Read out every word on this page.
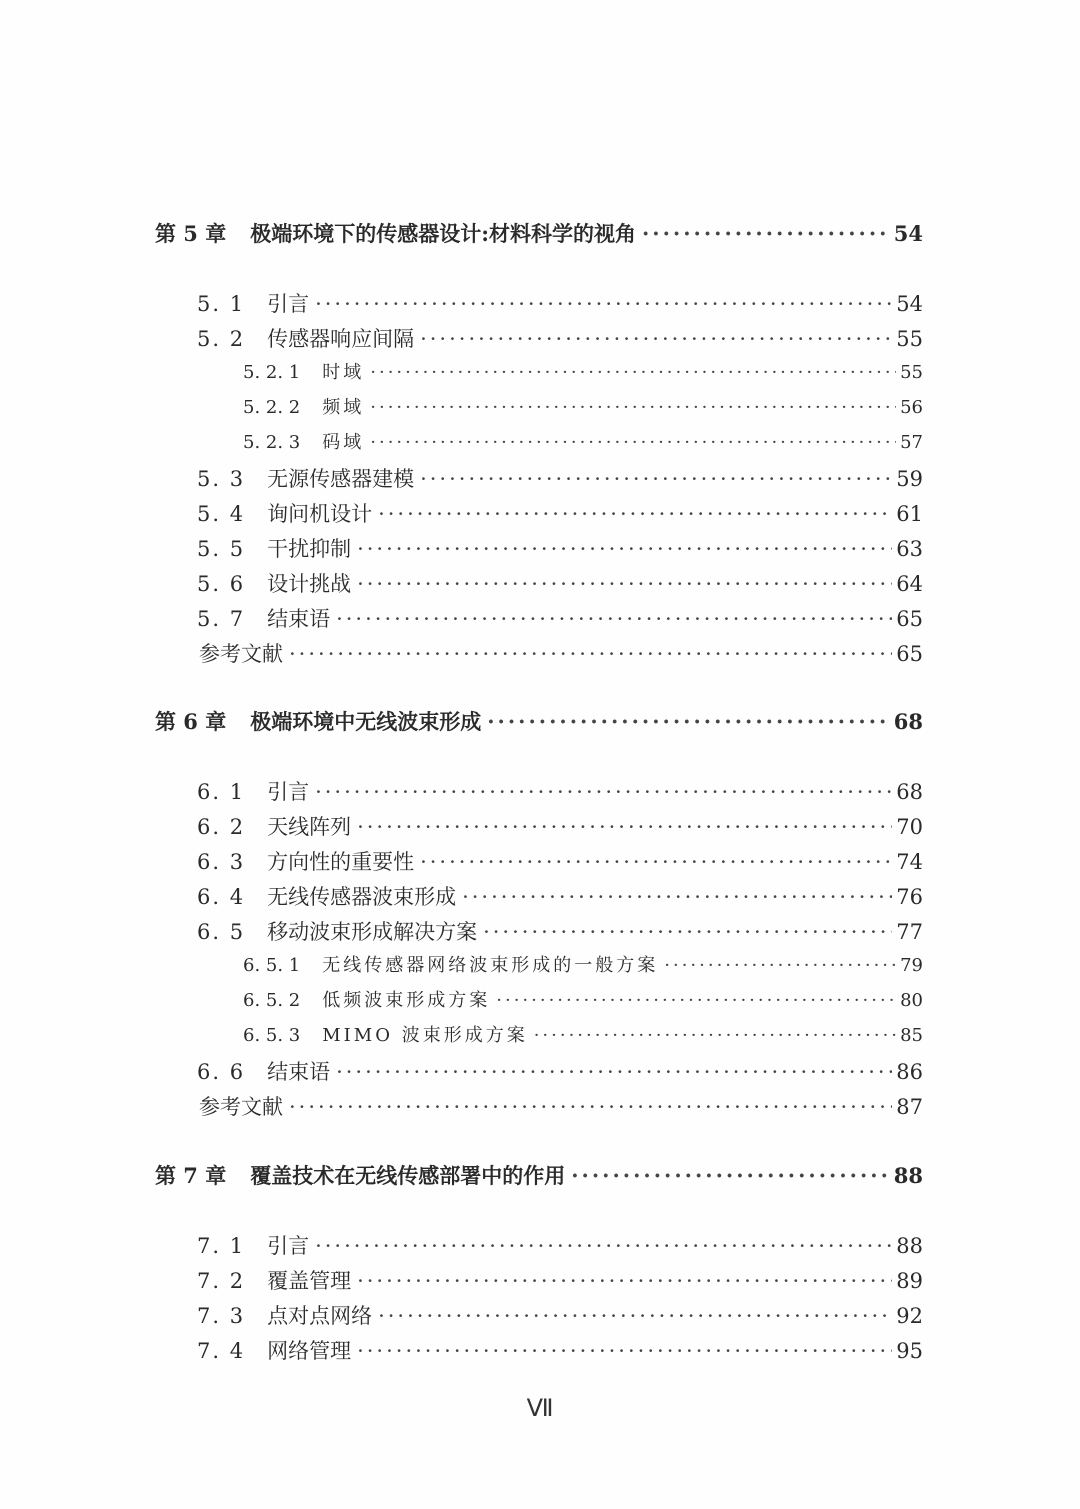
第 5 章 极端环境下的传感器设计:材料科学的视角 ·····	54
5. 1 引言 ·····	54
5. 2 传感器响应间隔 ·····	55
5. 2. 1 时域 ·····	55
5. 2. 2 频域 ·····	56
5. 2. 3 码域 ·····	57
5. 3 无源传感器建模 ·····	59
5. 4 询问机设计 ·····	61
5. 5 干扰抑制 ·····	63
5. 6 设计挑战 ·····	64
5. 7 结束语 ·····	65
参考文献 ·····	65
第 6 章 极端环境中无线波束形成 ·····	68
6. 1 引言 ·····	68
6. 2 天线阵列 ·····	70
6. 3 方向性的重要性 ·····	74
6. 4 无线传感器波束形成 ·····	76
6. 5 移动波束形成解决方案 ·····	77
6. 5. 1 无线传感器网络波束形成的一般方案 ·····	79
6. 5. 2 低频波束形成方案 ·····	80
6. 5. 3 MIMO 波束形成方案 ·····	85
6. 6 结束语 ·····	86
参考文献 ·····	87
第 7 章 覆盖技术在无线传感部署中的作用 ·····	88
7. 1 引言 ·····	88
7. 2 覆盖管理 ·····	89
7. 3 点对点网络 ·····	92
7. 4 网络管理 ·····	95
Ⅶ
